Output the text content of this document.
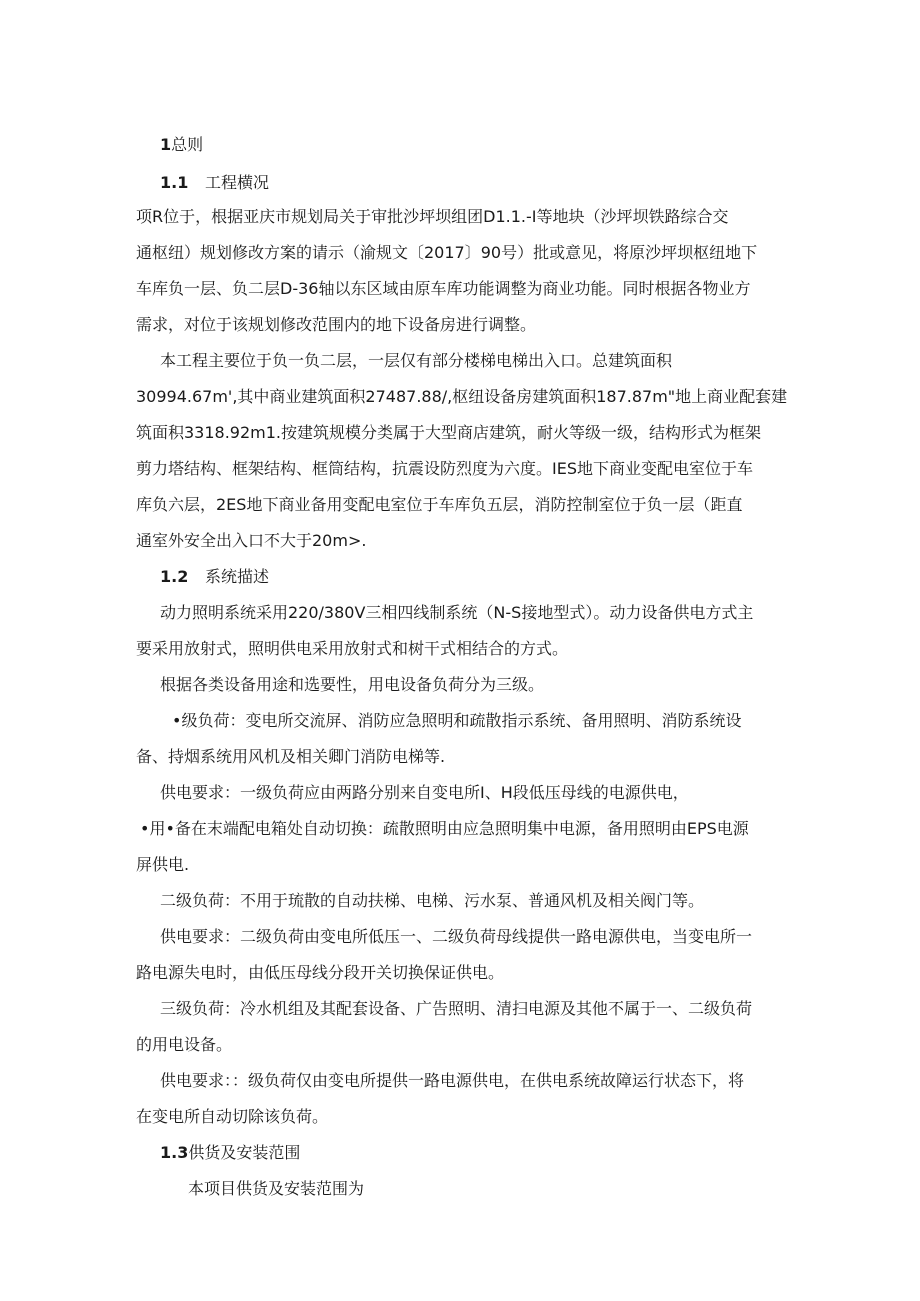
1总则
1.1 工程横况
项R位于，根据亚庆市规划局关于审批沙坪坝组团D1.1.-I等地块（沙坪坝铁路综合交
通枢纽）规划修改方案的请示（渝规文〔2017〕90号）批或意见，将原沙坪坝枢纽地下
车库负一层、负二层D-36轴以东区域由原车库功能调整为商业功能。同时根据各物业方
需求，对位于该规划修改范围内的地下设备房进行调整。
本工程主要位于负一负二层，一层仅有部分楼梯电梯出入口。总建筑面积
30994.67m',其中商业建筑面积27487.88/,枢纽设备房建筑面积187.87m"地上商业配套建
筑面积3318.92m1.按建筑规模分类属于大型商店建筑，耐火等级一级，结构形式为框架
剪力塔结构、框架结构、框筒结构，抗震设防烈度为六度。IES地下商业变配电室位于车
库负六层，2ES地下商业备用变配电室位于车库负五层，消防控制室位于负一层（距直
通室外安全出入口不大于20m>.
1.2 系统描述
动力照明系统采用220/380V三相四线制系统（N-S接地型式）。动力设备供电方式主
要采用放射式，照明供电采用放射式和树干式相结合的方式。
根据各类设备用途和选要性，用电设备负荷分为三级。
•级负荷：变电所交流屏、消防应急照明和疏散指示系统、备用照明、消防系统设
备、持烟系统用风机及相关卿门消防电梯等.
供电要求：一级负荷应由两路分别来自变电所I、H段低压母线的电源供电，
•用•备在末端配电箱处自动切换：疏散照明由应急照明集中电源，备用照明由EPS电源
屏供电.
二级负荷：不用于琉散的自动扶梯、电梯、污水泵、普通风机及相关阀门等。
供电要求：二级负荷由变电所低压一、二级负荷母线提供一路电源供电，当变电所一
路电源失电时，由低压母线分段开关切换保证供电。
三级负荷：冷水机组及其配套设备、广告照明、清扫电源及其他不属于一、二级负荷
的用电设备。
供电要求：：级负荷仅由变电所提供一路电源供电，在供电系统故障运行状态下，将
在变电所自动切除该负荷。
1.3供货及安装范围
本项目供货及安装范围为
